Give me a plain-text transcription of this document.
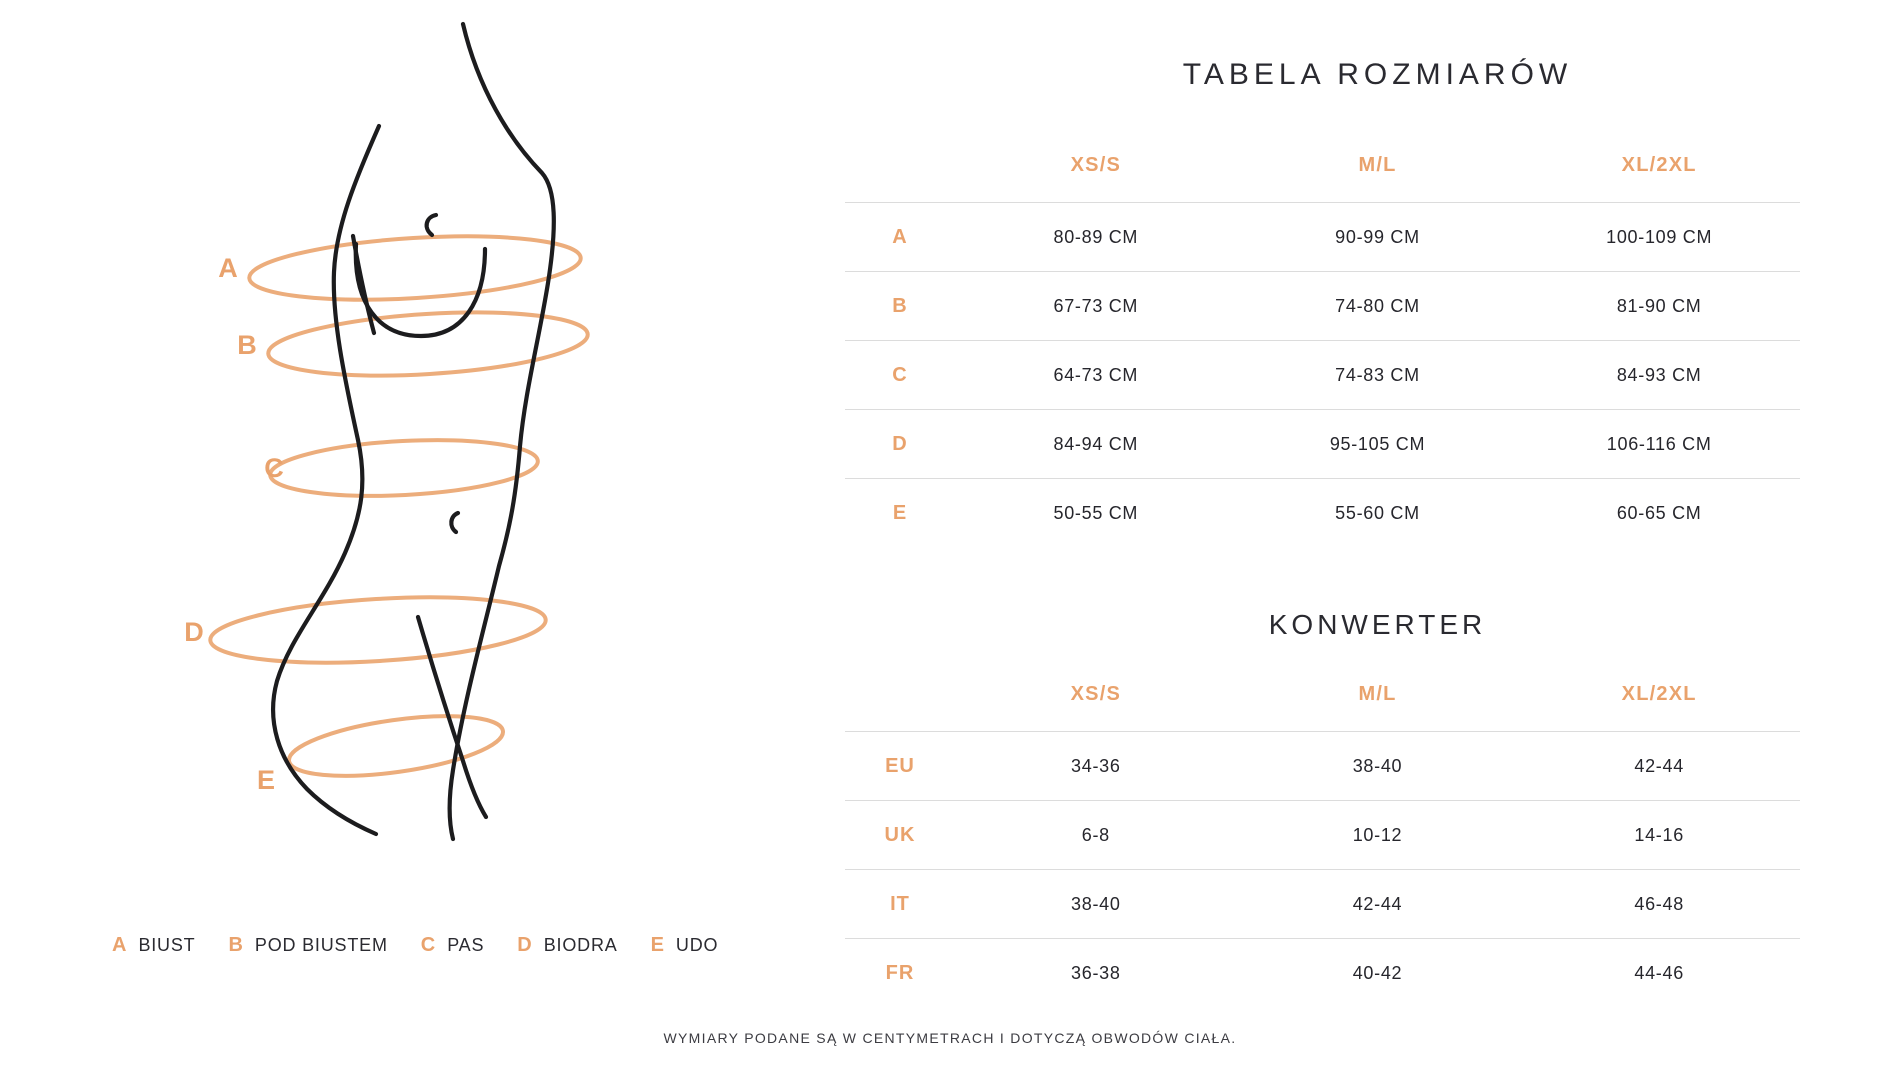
A
B
C
D
E
A BIUST B POD BIUSTEM C PAS D BIODRA E UDO
TABELA ROZMIARÓW
XS/S	M/L	XL/2XL
A	80-89 CM	90-99 CM	100-109 CM
B	67-73 CM	74-80 CM	81-90 CM
C	64-73 CM	74-83 CM	84-93 CM
D	84-94 CM	95-105 CM	106-116 CM
E	50-55 CM	55-60 CM	60-65 CM
KONWERTER
XS/S	M/L	XL/2XL
EU	34-36	38-40	42-44
UK	6-8	10-12	14-16
IT	38-40	42-44	46-48
FR	36-38	40-42	44-46
WYMIARY PODANE SĄ W CENTYMETRACH I DOTYCZĄ OBWODÓW CIAŁA.
